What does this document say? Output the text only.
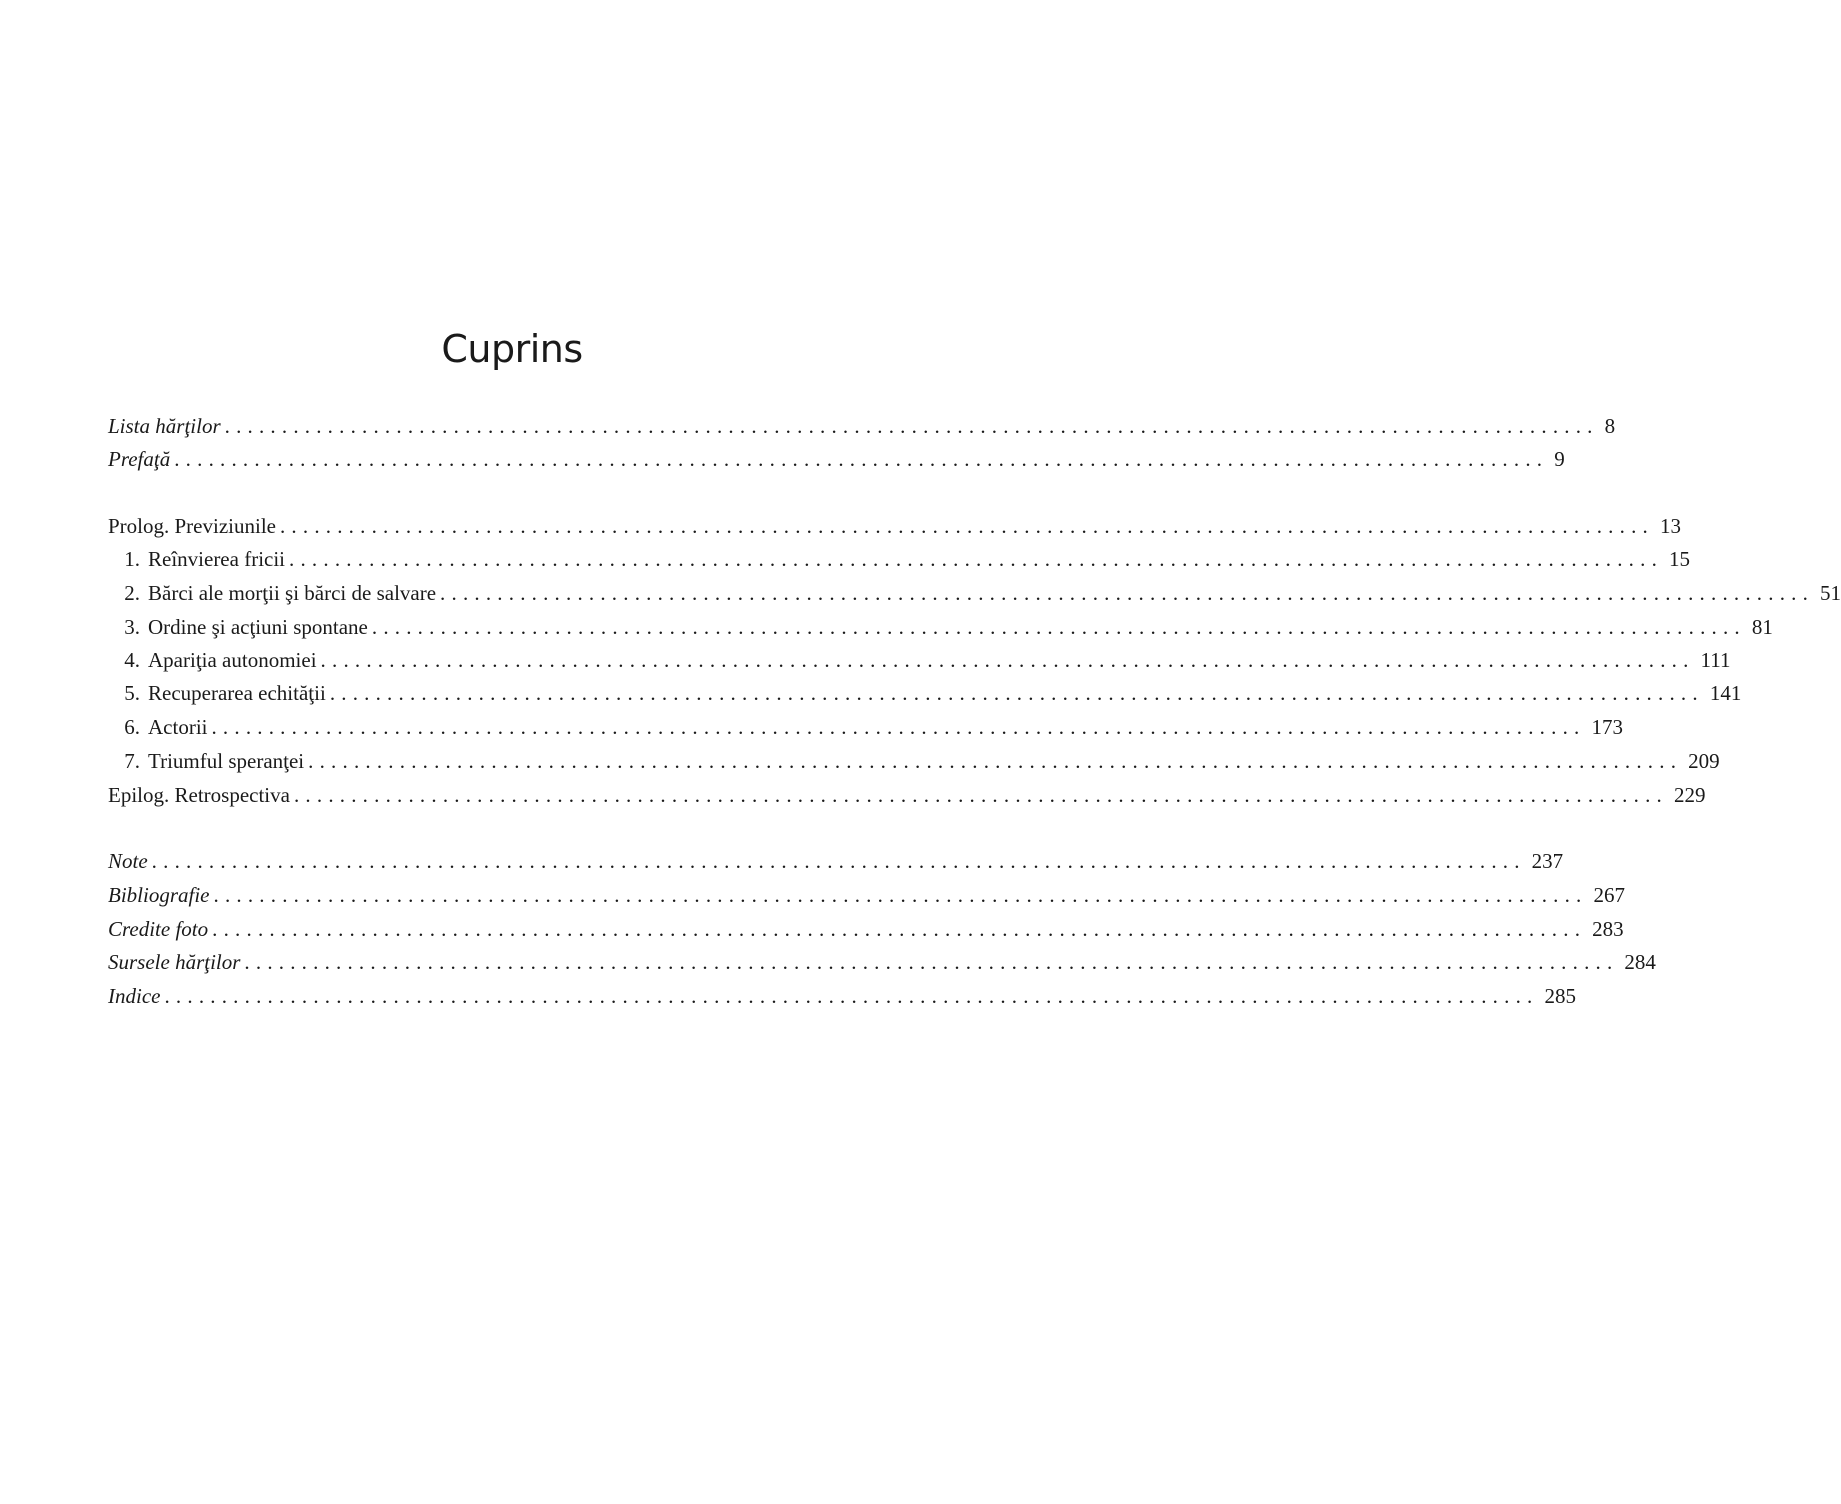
Cuprins
Lista hărţilor ........................................................................................................................ 8
Prefaţă ........................................................................................................................ 9
Prolog. Previziunile ........................................................................................................................ 13
1. Reînvierea fricii ........................................................................................................................ 15
2. Bărci ale morţii şi bărci de salvare ........................................................................................................................ 51
3. Ordine şi acţiuni spontane ........................................................................................................................ 81
4. Apariţia autonomiei ........................................................................................................................ 111
5. Recuperarea echităţii ........................................................................................................................ 141
6. Actorii ........................................................................................................................ 173
7. Triumful speranţei ........................................................................................................................ 209
Epilog. Retrospectiva ........................................................................................................................ 229
Note ........................................................................................................................ 237
Bibliografie ........................................................................................................................ 267
Credite foto ........................................................................................................................ 283
Sursele hărţilor ........................................................................................................................ 284
Indice ........................................................................................................................ 285
